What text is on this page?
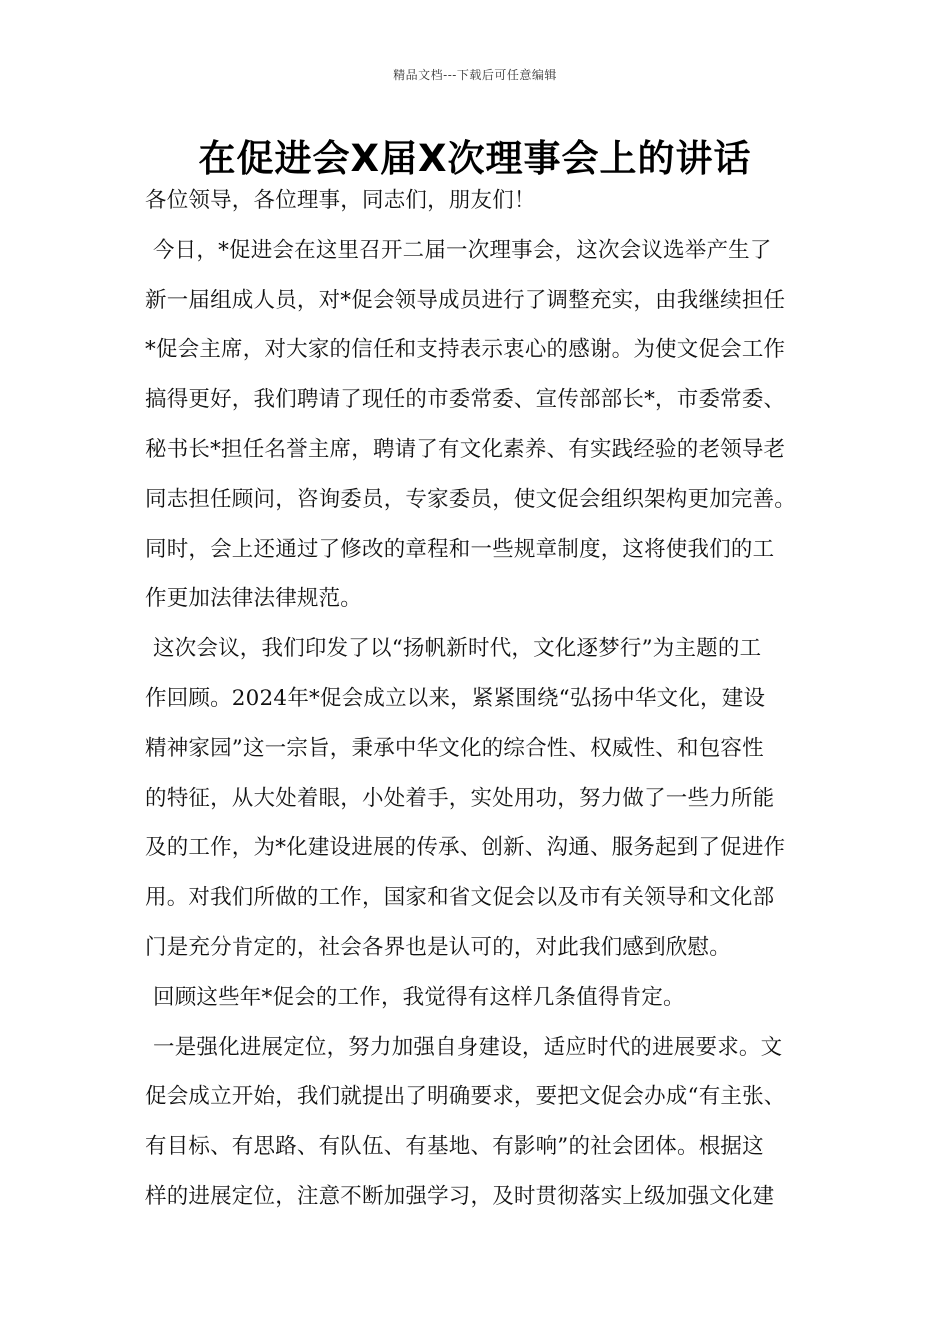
精品文档---下载后可任意编辑
在促进会X届X次理事会上的讲话

各位领导，各位理事，同志们，朋友们！

今日，*促进会在这里召开二届一次理事会，这次会议选举产生了

新一届组成人员，对*促会领导成员进行了调整充实，由我继续担任

*促会主席，对大家的信任和支持表示衷心的感谢。为使文促会工作

搞得更好，我们聘请了现任的市委常委、宣传部部长*，市委常委、

秘书长*担任名誉主席，聘请了有文化素养、有实践经验的老领导老

同志担任顾问，咨询委员，专家委员，使文促会组织架构更加完善。

同时，会上还通过了修改的章程和一些规章制度，这将使我们的工

作更加法律法律规范。

这次会议，我们印发了以“扬帆新时代，文化逐梦行”为主题的工

作回顾。2024年*促会成立以来，紧紧围绕“弘扬中华文化，建设

精神家园”这一宗旨，秉承中华文化的综合性、权威性、和包容性

的特征，从大处着眼，小处着手，实处用功，努力做了一些力所能

及的工作，为*化建设进展的传承、创新、沟通、服务起到了促进作

用。对我们所做的工作，国家和省文促会以及市有关领导和文化部

门是充分肯定的，社会各界也是认可的，对此我们感到欣慰。

回顾这些年*促会的工作，我觉得有这样几条值得肯定。

一是强化进展定位，努力加强自身建设，适应时代的进展要求。文

促会成立开始，我们就提出了明确要求，要把文促会办成“有主张、

有目标、有思路、有队伍、有基地、有影响”的社会团体。根据这

样的进展定位，注意不断加强学习，及时贯彻落实上级加强文化建
